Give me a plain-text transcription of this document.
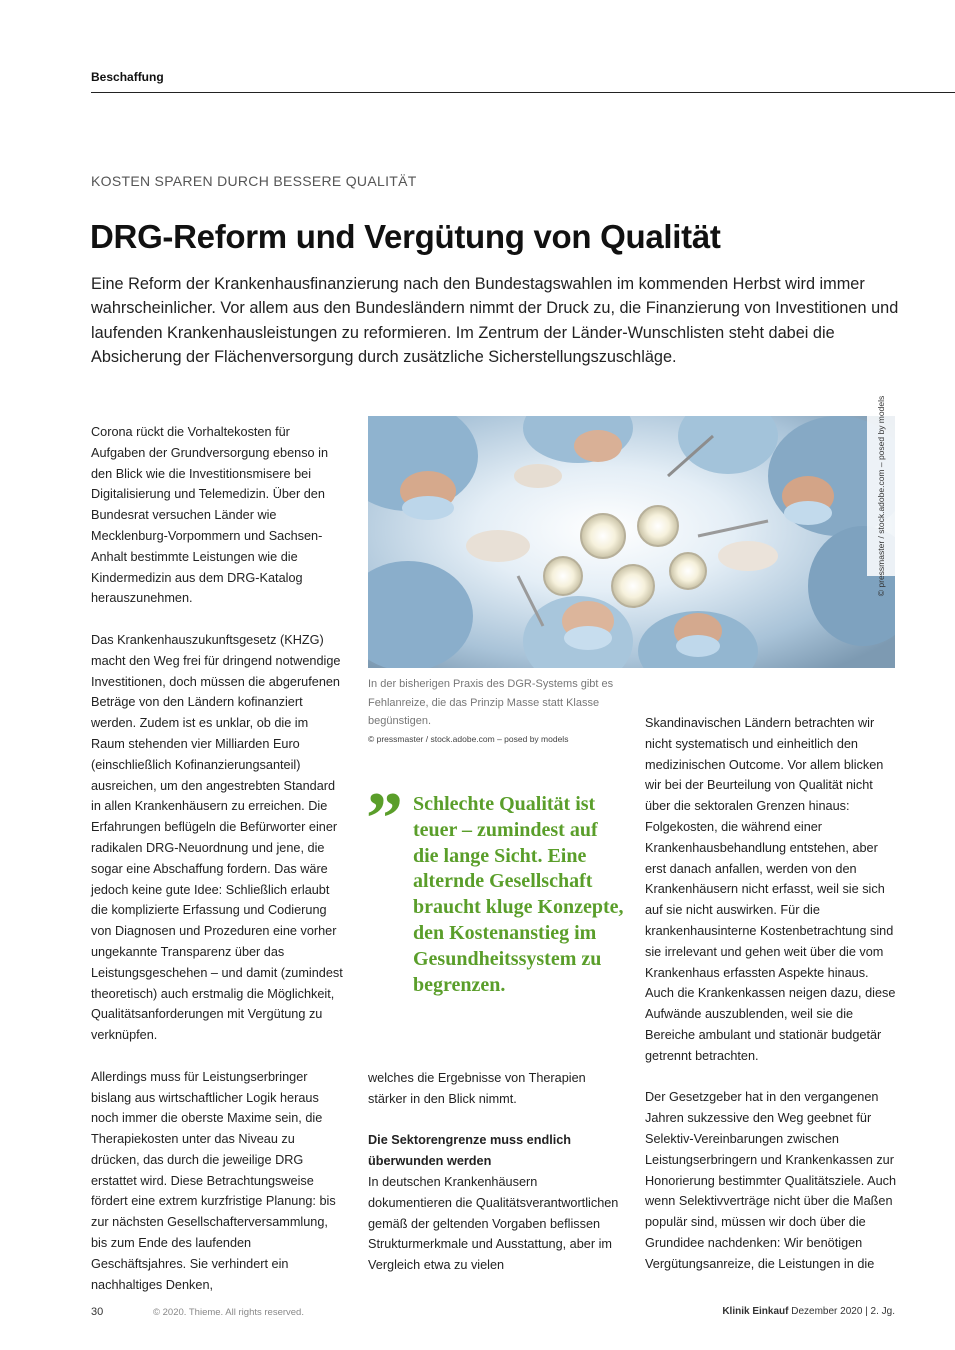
Beschaffung
KOSTEN SPAREN DURCH BESSERE QUALITÄT
DRG-Reform und Vergütung von Qualität

Eine Reform der Krankenhausfinanzierung nach den Bundestagswahlen im kommenden Herbst wird immer wahrscheinlicher. Vor allem aus den Bundesländern nimmt der Druck zu, die Finanzierung von Investitionen und laufenden Krankenhausleistungen zu reformieren. Im Zentrum der Länder-Wunschlisten steht dabei die Absicherung der Flächenversorgung durch zusätzliche Sicherstellungszuschläge.

Corona rückt die Vorhaltekosten für Aufgaben der Grundversorgung ebenso in den Blick wie die Investitionsmisere bei Digitalisierung und Telemedizin. Über den Bundesrat versuchen Länder wie Mecklenburg-Vorpommern und Sachsen-Anhalt bestimmte Leistungen wie die Kindermedizin aus dem DRG-Katalog herauszunehmen.

Das Krankenhauszukunftsgesetz (KHZG) macht den Weg frei für dringend notwendige Investitionen, doch müssen die abgerufenen Beträge von den Ländern kofinanziert werden. Zudem ist es unklar, ob die im Raum stehenden vier Milliarden Euro (einschließlich Kofinanzierungsanteil) ausreichen, um den angestrebten Standard in allen Krankenhäusern zu erreichen. Die Erfahrungen beflügeln die Befürworter einer radikalen DRG-Neuordnung und jene, die sogar eine Abschaffung fordern. Das wäre jedoch keine gute Idee: Schließlich erlaubt die komplizierte Erfassung und Codierung von Diagnosen und Prozeduren eine vorher ungekannte Transparenz über das Leistungsgeschehen – und damit (zumindest theoretisch) auch erstmalig die Möglichkeit, Qualitätsanforderungen mit Vergütung zu verknüpfen.

Allerdings muss für Leistungserbringer bislang aus wirtschaftlicher Logik heraus noch immer die oberste Maxime sein, die Therapiekosten unter das Niveau zu drücken, das durch die jeweilige DRG erstattet wird. Diese Betrachtungsweise fördert eine extrem kurzfristige Planung: bis zur nächsten Gesellschafterversammlung, bis zum Ende des laufenden Geschäftsjahres. Sie verhindert ein nachhaltiges Denken,

© pressmaster / stock.adobe.com – posed by models
In der bisherigen Praxis des DGR-Systems gibt es Fehlanreize, die das Prinzip Masse statt Klasse begünstigen.
© pressmaster / stock.adobe.com – posed by models
” Schlechte Qualität ist teuer – zumindest auf die lange Sicht. Eine alternde Gesellschaft braucht kluge Konzepte, den Kostenanstieg im Gesundheitssystem zu begrenzen.

welches die Ergebnisse von Therapien stärker in den Blick nimmt.

Die Sektorengrenze muss endlich überwunden werden

In deutschen Krankenhäusern dokumentieren die Qualitätsverantwortlichen gemäß der geltenden Vorgaben beflissen Strukturmerkmale und Ausstattung, aber im Vergleich etwa zu vielen

Skandinavischen Ländern betrachten wir nicht systematisch und einheitlich den medizinischen Outcome. Vor allem blicken wir bei der Beurteilung von Qualität nicht über die sektoralen Grenzen hinaus: Folgekosten, die während einer Krankenhausbehandlung entstehen, aber erst danach anfallen, werden von den Krankenhäusern nicht erfasst, weil sie sich auf sie nicht auswirken. Für die krankenhausinterne Kostenbetrachtung sind sie irrelevant und gehen weit über die vom Krankenhaus erfassten Aspekte hinaus. Auch die Krankenkassen neigen dazu, diese Aufwände auszublenden, weil sie die Bereiche ambulant und stationär budgetär getrennt betrachten.

Der Gesetzgeber hat in den vergangenen Jahren sukzessive den Weg geebnet für Selektiv-Vereinbarungen zwischen Leistungserbringern und Krankenkassen zur Honorierung bestimmter Qualitätsziele. Auch wenn Selektivverträge nicht über die Maßen populär sind, müssen wir doch über die Grundidee nachdenken: Wir benötigen Vergütungsanreize, die Leistungen in die

30	© 2020. Thieme. All rights reserved.	Klinik Einkauf Dezember 2020 | 2. Jg.
